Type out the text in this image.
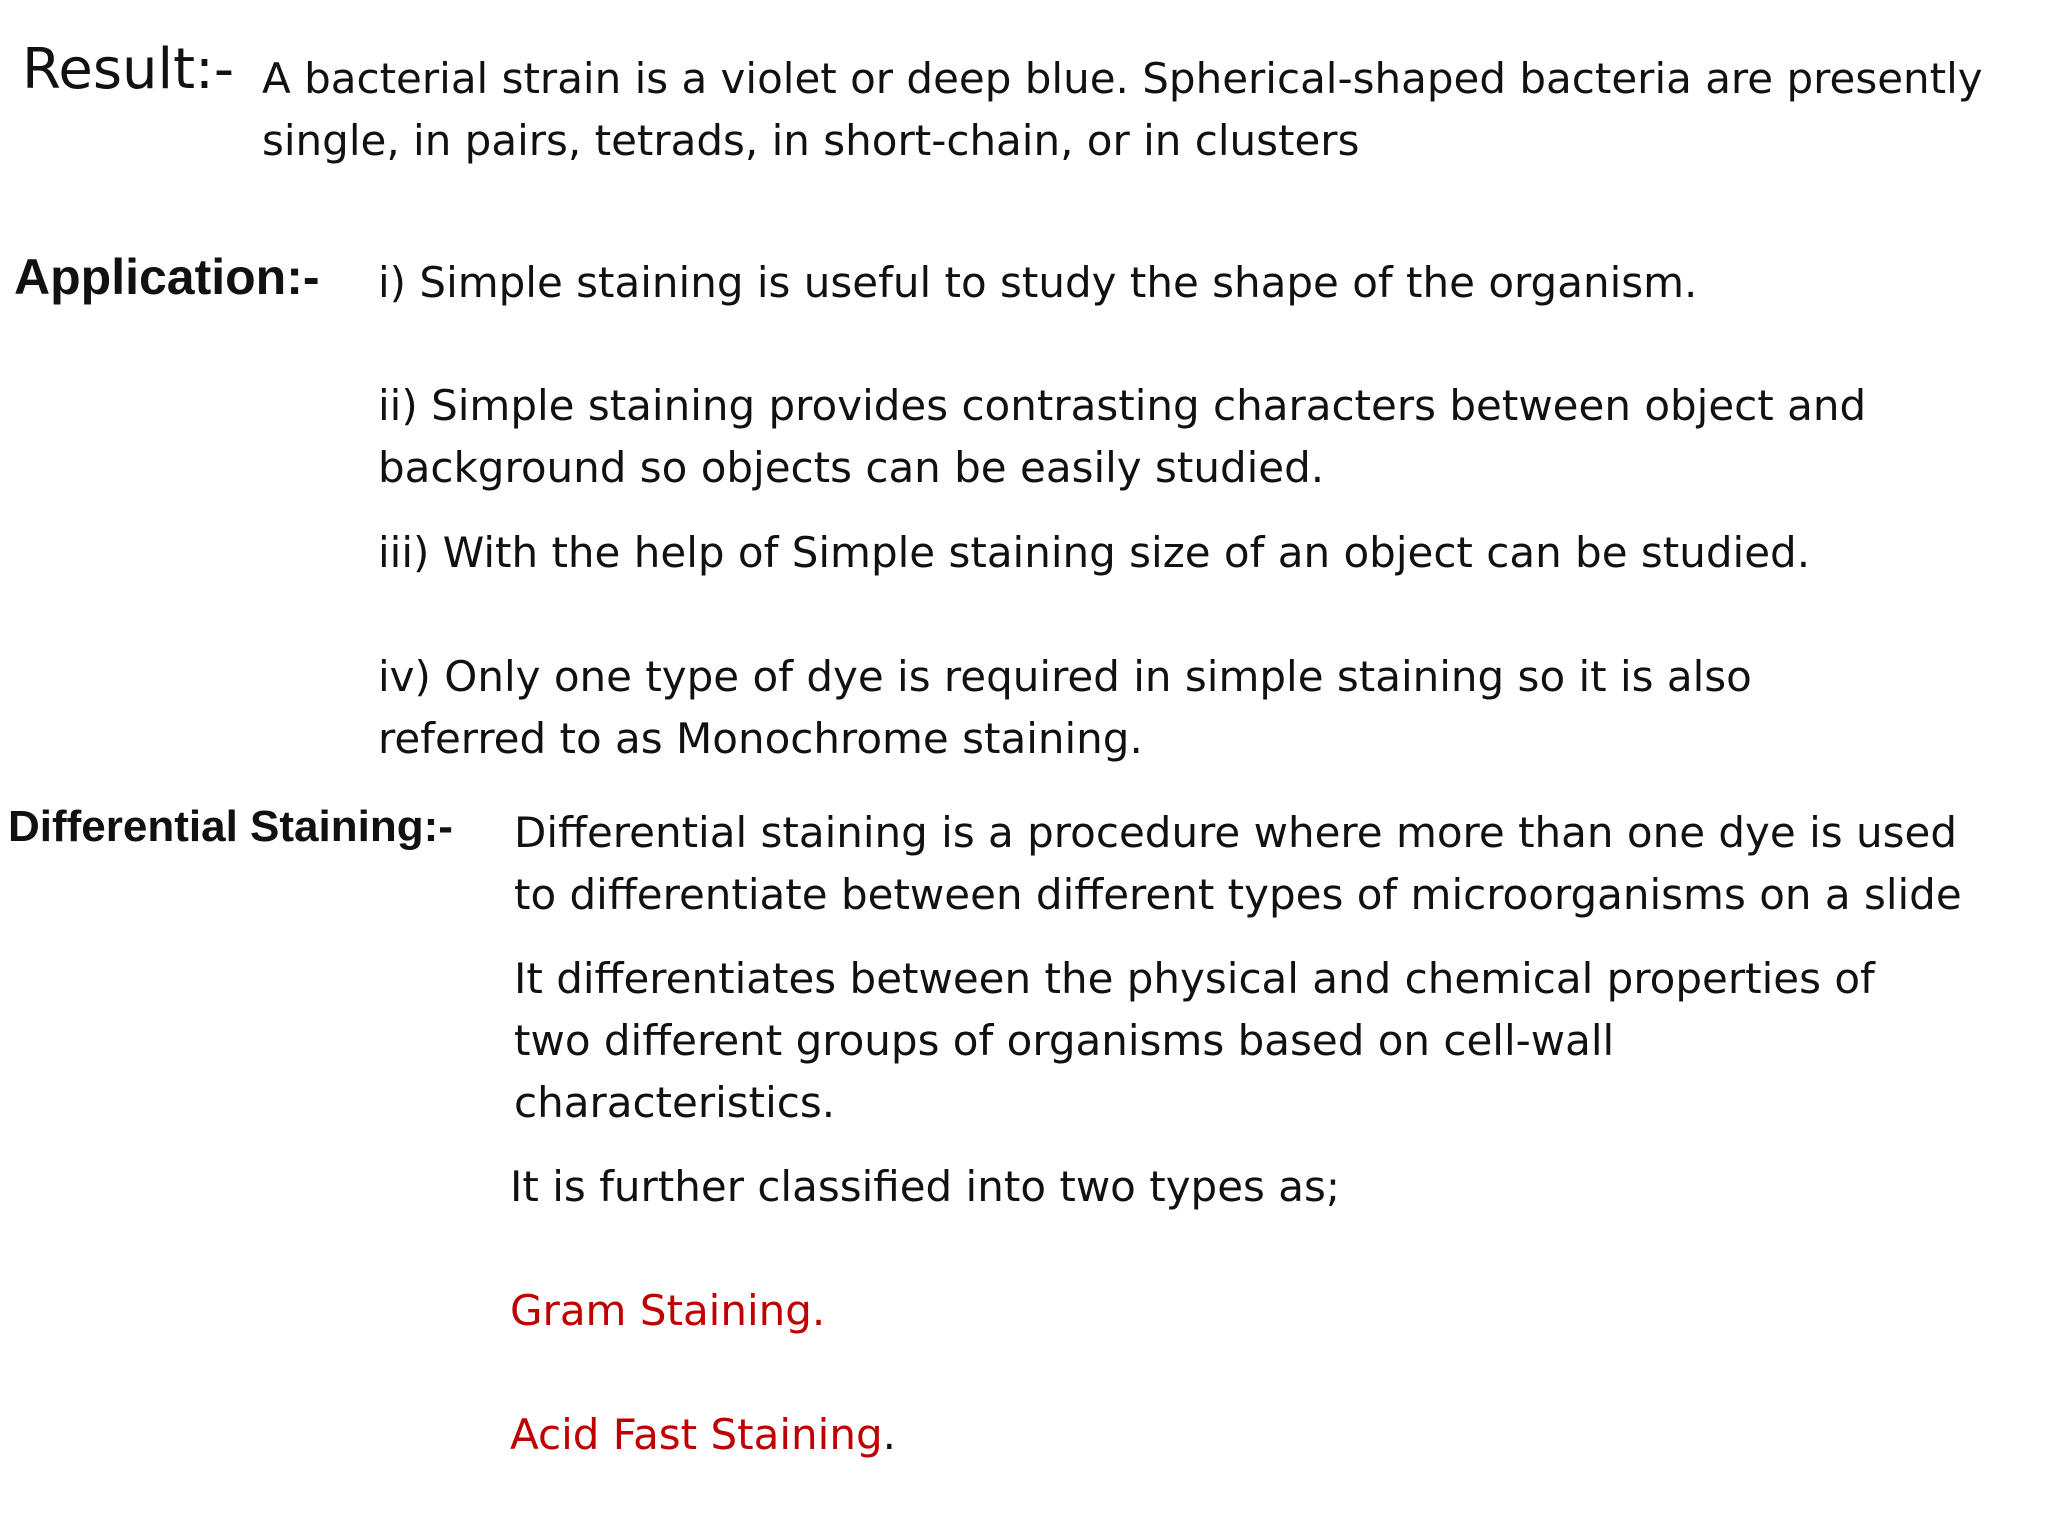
Result:- A bacterial strain is a violet or deep blue. Spherical-shaped bacteria are presently
single, in pairs, tetrads, in short-chain, or in clusters
Application:- i) Simple staining is useful to study the shape of the organism.
ii) Simple staining provides contrasting characters between object and
background so objects can be easily studied.
iii) With the help of Simple staining size of an object can be studied.
iv) Only one type of dye is required in simple staining so it is also
referred to as Monochrome staining.
Differential Staining:- Differential staining is a procedure where more than one dye is used
to differentiate between different types of microorganisms on a slide
It differentiates between the physical and chemical properties of
two different groups of organisms based on cell-wall
characteristics.
It is further classified into two types as;
Gram Staining.
Acid Fast Staining.
